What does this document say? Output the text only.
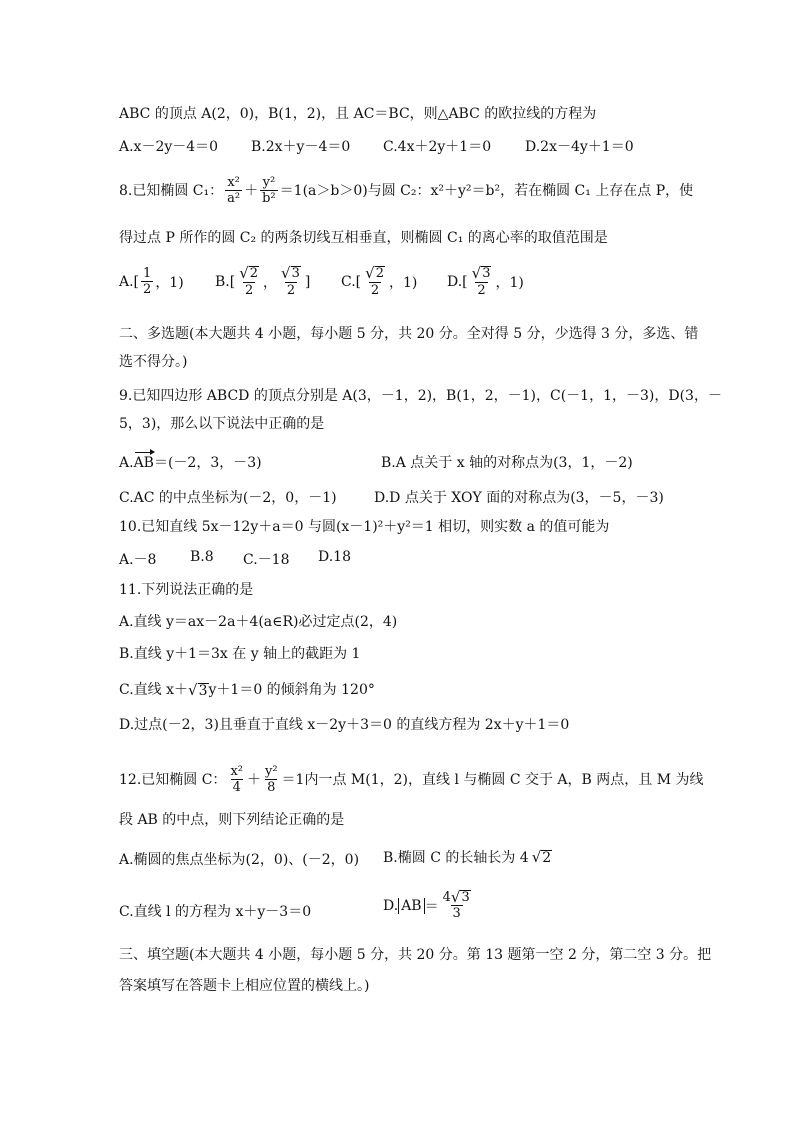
ABC 的顶点 A(2，0)，B(1，2)，且 AC＝BC，则△ABC 的欧拉线的方程为
A.x－2y－4＝0 B.2x＋y－4＝0 C.4x＋2y＋1＝0 D.2x－4y＋1＝0
8.已知椭圆 C₁： $\frac{\text{x²}}{\text{a²}} + \frac{\text{y²}}{\text{b²}} =1(a>b>0)$ 与圆 C₂：x²＋y²＝b²，若在椭圆 C₁ 上存在点 P，使
得过点 P 所作的圆 C₂ 的两条切线互相垂直，则椭圆 C₁ 的离心率的取值范围是
$A.[ \frac{1}{2}$ ，1) $B.[ \frac{√ 2}{2}$ ， $\frac{√ 3}{2}$ ] $C.[ \frac{√ 2}{2}$ ，1) $D.[ \frac{√ 3}{2}$ ，1)
二、多选题(本大题共 4 小题，每小题 5 分，共 20 分。全对得 5 分，少选得 3 分，多选、错
选不得分。)
9.已知四边形 ABCD 的顶点分别是 A(3，－1，2)，B(1，2，－1)，C(－1，1，－3)，D(3，－
5，3)，那么以下说法中正确的是
A.AB＝(－2，3，－3)	B.A 点关于 x 轴的对称点为(3，1，－2)
C.AC 的中点坐标为(－2，0，－1)	D.D 点关于 XOY 面的对称点为(3，－5，－3)
10.已知直线 5x－12y＋a＝0 与圆(x－1)²＋y²＝1 相切，则实数 a 的值可能为
A.－8 B.8 C.－18 D.18
11.下列说法正确的是
A.直线 y＝ax－2a＋4(a∈R)必过定点(2，4)
B.直线 y＋1＝3x 在 y 轴上的截距为 1
C.直线 x＋ √ 3 y＋1＝0 的倾斜角为 120°
D.过点(－2，3)且垂直于直线 x－2y＋3＝0 的直线方程为 2x＋y＋1＝0
12.已知椭圆 C： $\frac{\text{x²}}{4} + \frac{\text{y²}}{8} =1$ 内一点 M(1，2)，直线 l 与椭圆 C 交于 A，B 两点，且 M 为线
段 AB 的中点，则下列结论正确的是
A.椭圆的焦点坐标为(2，0)、(－2，0) B.椭圆 C 的长轴长为 4 √ 2
C.直线 l 的方程为 x＋y－3＝0	D. AB ＝ $\frac{4 √ 3}{3}$
三、填空题(本大题共 4 小题，每小题 5 分，共 20 分。第 13 题第一空 2 分，第二空 3 分。把
答案填写在答题卡上相应位置的横线上。)
